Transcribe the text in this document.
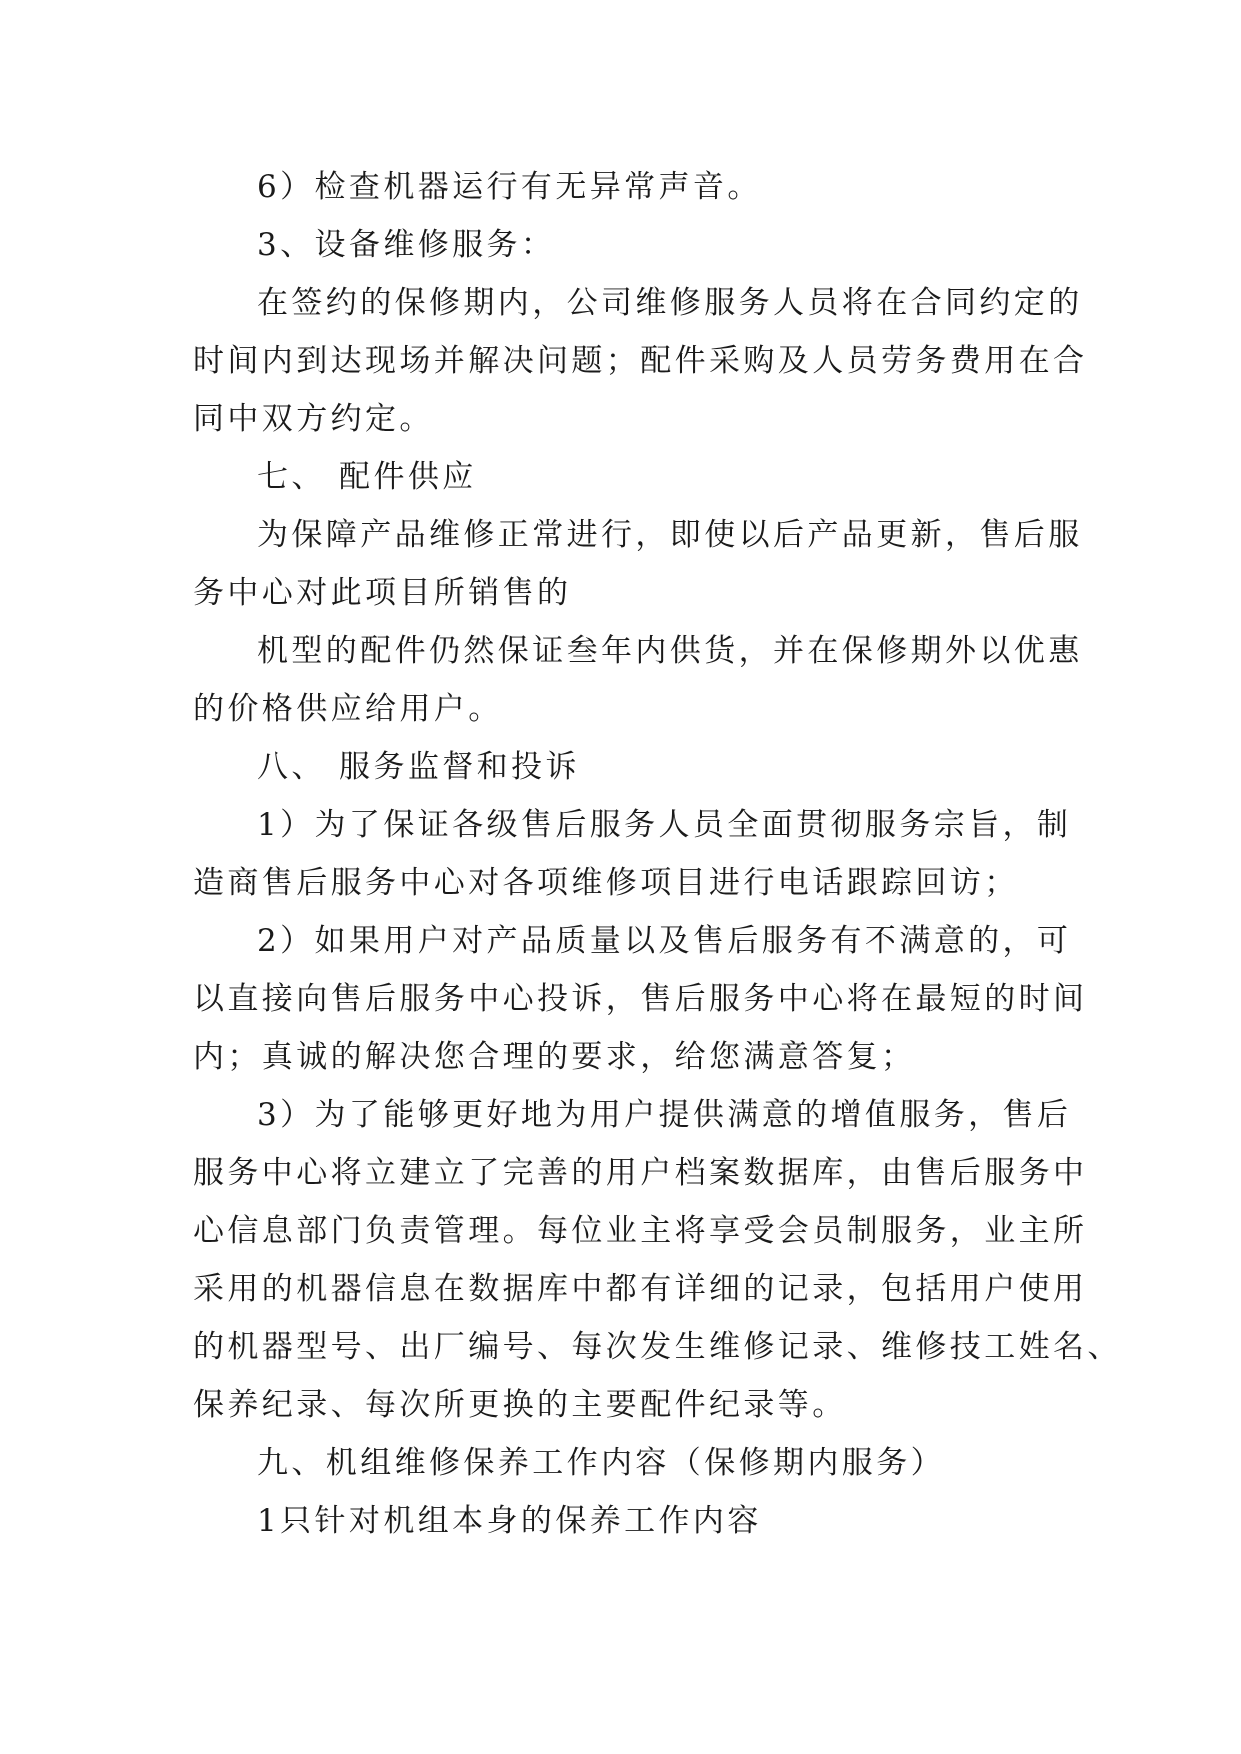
6）检查机器运行有无异常声音。
3、设备维修服务：
在签约的保修期内，公司维修服务人员将在合同约定的
时间内到达现场并解决问题；配件采购及人员劳务费用在合
同中双方约定。
七、 配件供应
为保障产品维修正常进行，即使以后产品更新，售后服
务中心对此项目所销售的
机型的配件仍然保证叁年内供货，并在保修期外以优惠
的价格供应给用户。
八、 服务监督和投诉
1）为了保证各级售后服务人员全面贯彻服务宗旨，制
造商售后服务中心对各项维修项目进行电话跟踪回访；
2）如果用户对产品质量以及售后服务有不满意的，可
以直接向售后服务中心投诉，售后服务中心将在最短的时间
内；真诚的解决您合理的要求，给您满意答复；
3）为了能够更好地为用户提供满意的增值服务，售后
服务中心将立建立了完善的用户档案数据库，由售后服务中
心信息部门负责管理。每位业主将享受会员制服务，业主所
采用的机器信息在数据库中都有详细的记录，包括用户使用
的机器型号、出厂编号、每次发生维修记录、维修技工姓名、
保养纪录、每次所更换的主要配件纪录等。
九、机组维修保养工作内容（保修期内服务）
1只针对机组本身的保养工作内容
